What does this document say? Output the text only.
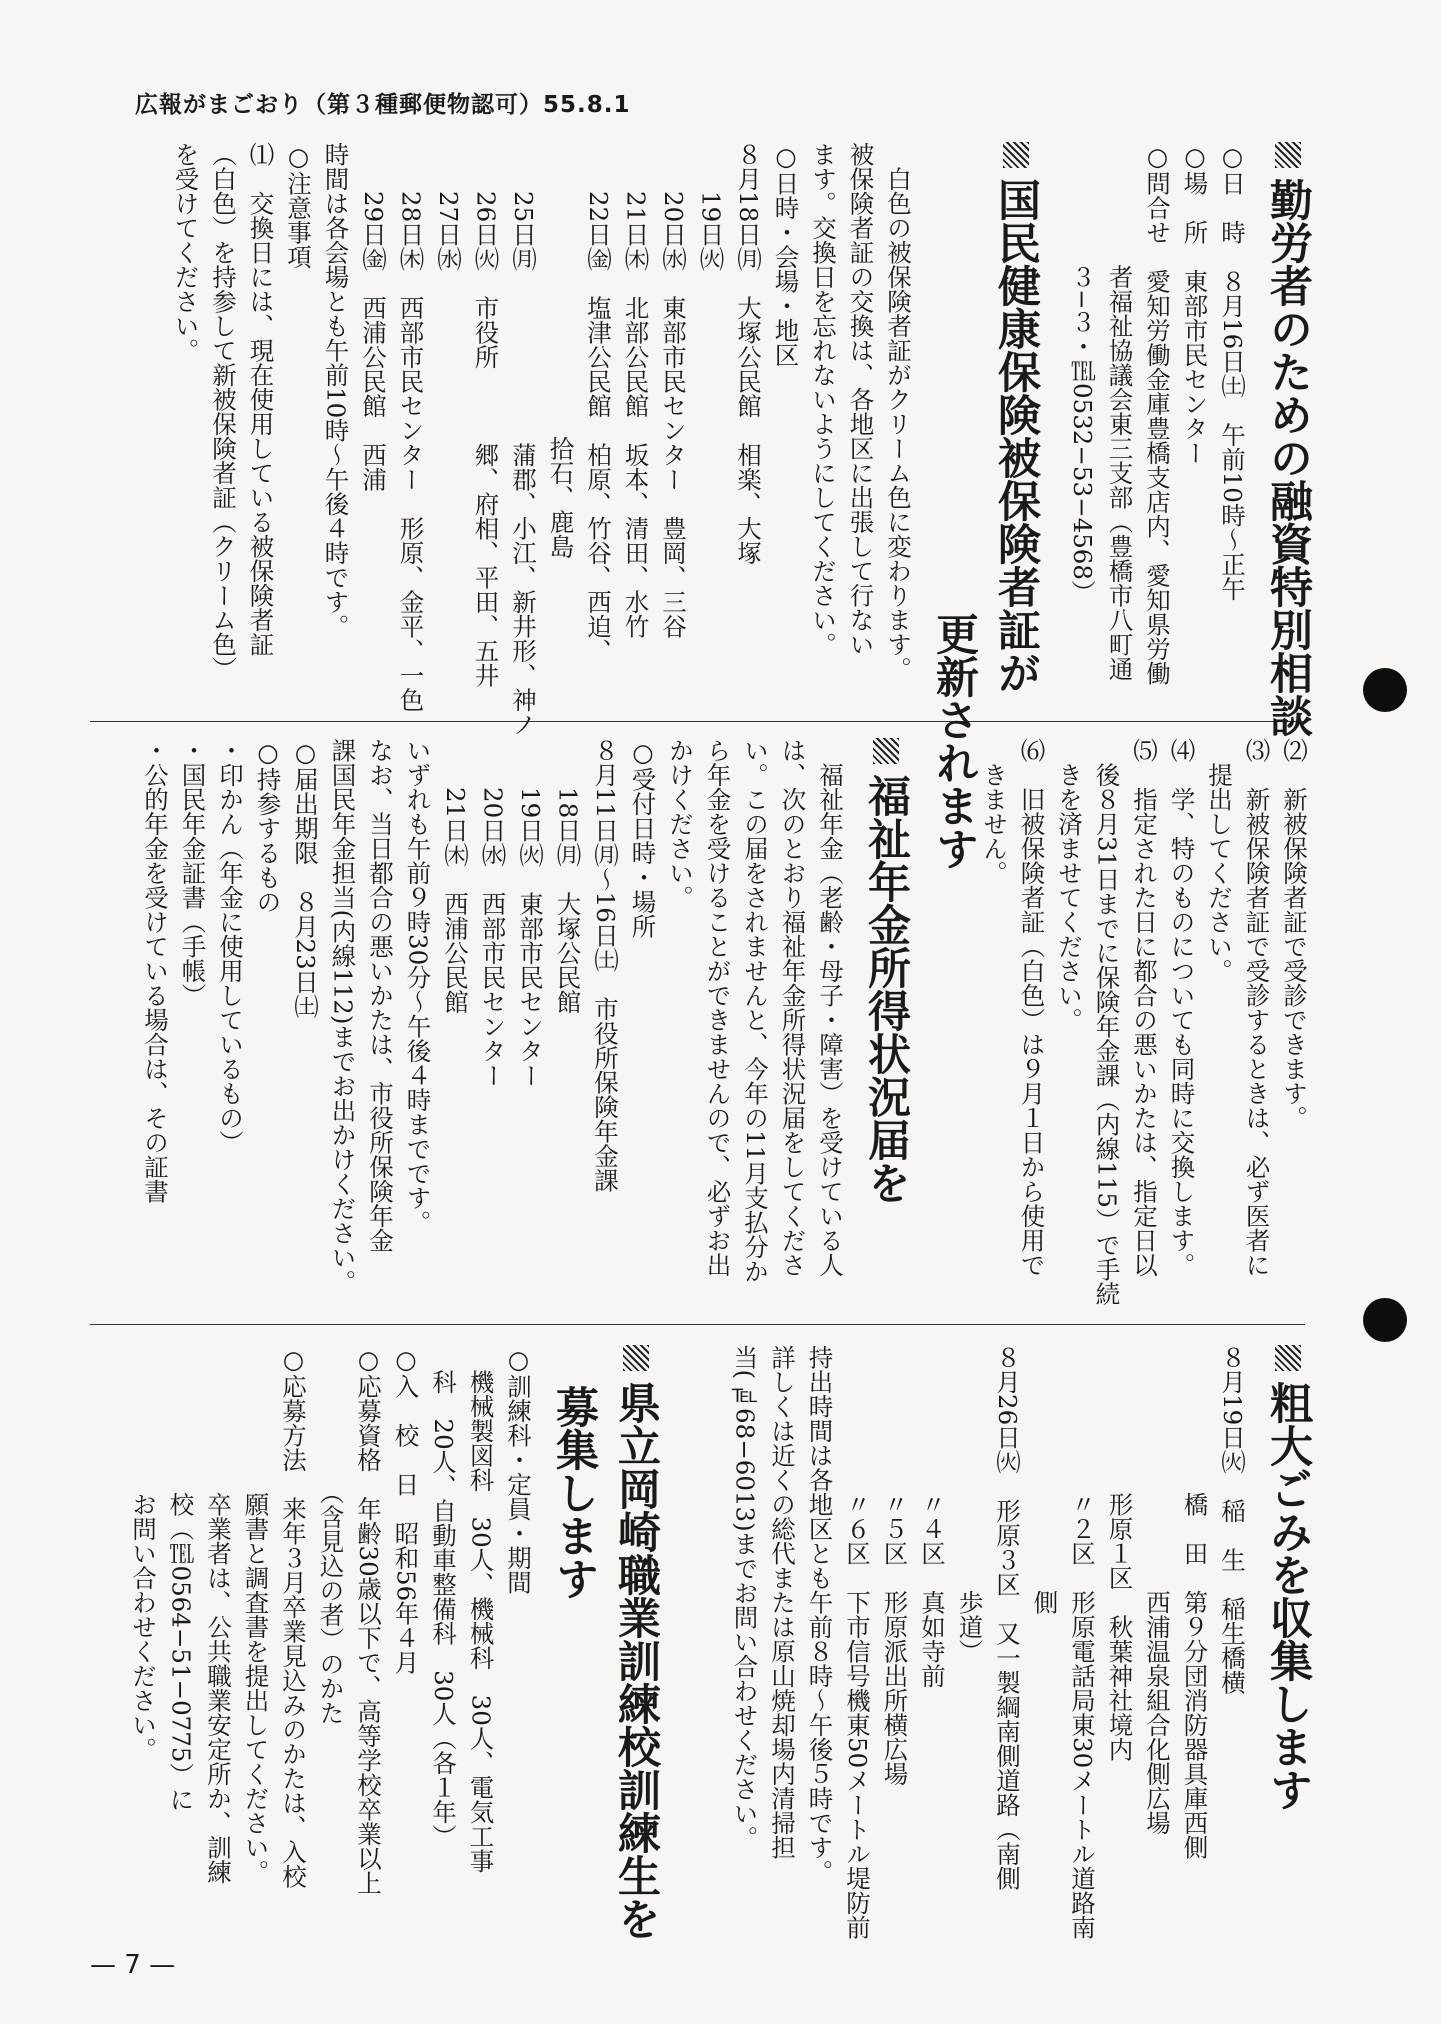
広報がまごおり（第３種郵便物認可）55.8.1
勤労者のための融資特別相談
○日　時　８月16日㈯　午前10時〜正午
○場　所　東部市民センター
○問合せ　愛知労働金庫豊橋支店内、愛知県労働
　　　　　者福祉協議会東三支部（豊橋市八町通
　　　　　３−３・℡0532−53−4568）
国民健康保険被保険者証が
更新されます
　白色の被保険者証がクリーム色に変わります。
被保険者証の交換は、各地区に出張して行ない
ます。交換日を忘れないようにしてください。
○日時・会場・地区
８月18日㈪　大塚公民館　相楽、大塚
　　19日㈫
　　20日㈬　東部市民センター　豊岡、三谷
　　21日㈭　北部公民館　坂本、清田、水竹
　　22日㈮　塩津公民館　柏原、竹谷、西迫、
　　　　　　　　　　　　拾石、鹿島
　　25日㈪　　　　　　　蒲郡、小江、新井形、神ノ
　　26日㈫　市役所　　　郷、府相、平田、五井
　　27日㈬
　　28日㈭　西部市民センター　形原、金平、一色
　　29日㈮　西浦公民館　西浦
時間は各会場とも午前10時〜午後４時です。
○注意事項
⑴　交換日には、現在使用している被保険者証
（白色）を持参して新被保険者証（クリーム色）
を受けてください。
⑵　新被保険者証で受診できます。
⑶　新被保険者証で受診するときは、必ず医者に
　提出してください。
⑷　学、特のものについても同時に交換します。
⑸　指定された日に都合の悪いかたは、指定日以
　後８月31日までに保険年金課（内線115）で手続
　きを済ませてください。
⑹　旧被保険者証（白色）は９月１日から使用で
　きません。
福祉年金所得状況届を
　福祉年金（老齢・母子・障害）を受けている人
は、次のとおり福祉年金所得状況届をしてくださ
い。この届をされませんと、今年の11月支払分か
ら年金を受けることができませんので、必ずお出
かけください。
○受付日時・場所
８月11日㈪〜16日㈯　市役所保険年金課
　　18日㈪　大塚公民館
　　19日㈫　東部市民センター
　　20日㈬　西部市民センター
　　21日㈭　西浦公民館
いずれも午前９時30分〜午後４時までです。
なお、当日都合の悪いかたは、市役所保険年金
課国民年金担当(内線112)までお出かけください。
○届出期限　８月23日㈯
○持参するもの
・印かん（年金に使用しているもの）
・国民年金証書（手帳）
・公的年金を受けている場合は、その証書
粗大ごみを収集します
８月19日㈫　稲　生　稲生橋横
　　　　　　橋　田　第９分団消防器具庫西側
　　　　　　　　　　西浦温泉組合化側広場
　　　　　　形原１区　秋葉神社境内
　　　　　　〃２区　形原電話局東30メートル道路南
　　　　　　　　　　側
８月26日㈫　形原３区　又一製綱南側道路（南側
　　　　　　　　　　歩道）
　　　　　　〃４区　真如寺前
　　　　　　〃５区　形原派出所横広場
　　　　　　〃６区　下市信号機東50メートル堤防前
持出時間は各地区とも午前８時〜午後５時です。
詳しくは近くの総代または原山焼却場内清掃担
当(℡68−6013)までお問い合わせください。
県立岡崎職業訓練校訓練生を
募集します
○訓練科・定員・期間
　機械製図科　30人、機械科　30人、電気工事
　科　20人、自動車整備科　30人（各１年）
○入　校　日　昭和56年４月
○応募資格　年齢30歳以下で、高等学校卒業以上
　　　　　　（含見込の者）のかた
○応募方法　来年３月卒業見込みのかたは、入校
　　　　　　願書と調査書を提出してください。
　　　　　　卒業者は、公共職業安定所か、訓練
　　　　　　校（℡0564−51−0775）に
　　　　　　お問い合わせください。
— 7 —
